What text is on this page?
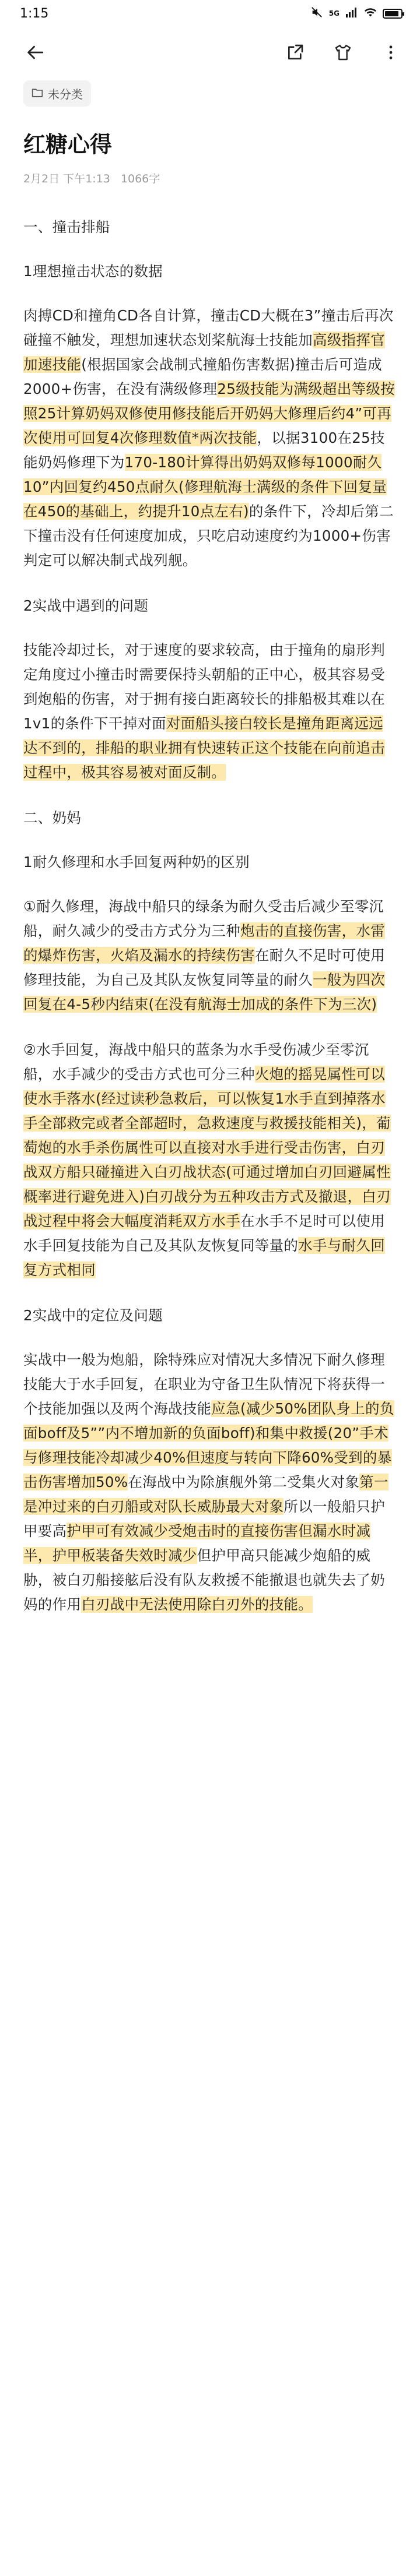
1:15	5G
未分类
红糖心得
2月2日 下午1:13 1066字

一、撞击排船

1理想撞击状态的数据

肉搏CD和撞角CD各自计算，撞击CD大概在3”撞击后再次碰撞不触发，理想加速状态划桨航海士技能加高级指挥官加速技能(根据国家会战制式撞船伤害数据)撞击后可造成2000+伤害，在没有满级修理25级技能为满级超出等级按照25计算奶妈双修使用修技能后开奶妈大修理后约4”可再次使用可回复4次修理数值*两次技能，以据3100在25技能奶妈修理下为170-180计算得出奶妈双修每1000耐久10”内回复约450点耐久(修理航海士满级的条件下回复量在450的基础上，约提升10点左右)的条件下，冷却后第二下撞击没有任何速度加成，只吃启动速度约为1000+伤害判定可以解决制式战列舰。

2实战中遇到的问题

技能冷却过长，对于速度的要求较高，由于撞角的扇形判定角度过小撞击时需要保持头朝船的正中心，极其容易受到炮船的伤害，对于拥有接白距离较长的排船极其难以在1v1的条件下干掉对面对面船头接白较长是撞角距离远远达不到的，排船的职业拥有快速转正这个技能在向前追击过程中，极其容易被对面反制。

二、奶妈

1耐久修理和水手回复两种奶的区别

①耐久修理，海战中船只的绿条为耐久受击后减少至零沉船，耐久减少的受击方式分为三种炮击的直接伤害，水雷的爆炸伤害，火焰及漏水的持续伤害在耐久不足时可使用修理技能，为自己及其队友恢复同等量的耐久一般为四次回复在4-5秒内结束(在没有航海士加成的条件下为三次)

②水手回复，海战中船只的蓝条为水手受伤减少至零沉船，水手减少的受击方式也可分三种火炮的摇晃属性可以使水手落水(经过读秒急救后，可以恢复1水手直到掉落水手全部救完或者全部超时，急救速度与救援技能相关)，葡萄炮的水手杀伤属性可以直接对水手进行受击伤害，白刃战双方船只碰撞进入白刃战状态(可通过增加白刃回避属性概率进行避免进入)白刃战分为五种攻击方式及撤退，白刃战过程中将会大幅度消耗双方水手在水手不足时可以使用水手回复技能为自己及其队友恢复同等量的水手与耐久回复方式相同

2实战中的定位及问题

实战中一般为炮船，除特殊应对情况大多情况下耐久修理技能大于水手回复，在职业为守备卫生队情况下将获得一个技能加强以及两个海战技能应急(减少50%团队身上的负面boff及5””内不增加新的负面boff)和集中救援(20”手术与修理技能冷却减少40%但速度与转向下降60%受到的暴击伤害增加50%在海战中为除旗舰外第二受集火对象第一是冲过来的白刃船或对队长威胁最大对象所以一般船只护甲要高护甲可有效减少受炮击时的直接伤害但漏水时减半，护甲板装备失效时减少但护甲高只能减少炮船的威胁，被白刃船接舷后没有队友救援不能撤退也就失去了奶妈的作用白刃战中无法使用除白刃外的技能。
